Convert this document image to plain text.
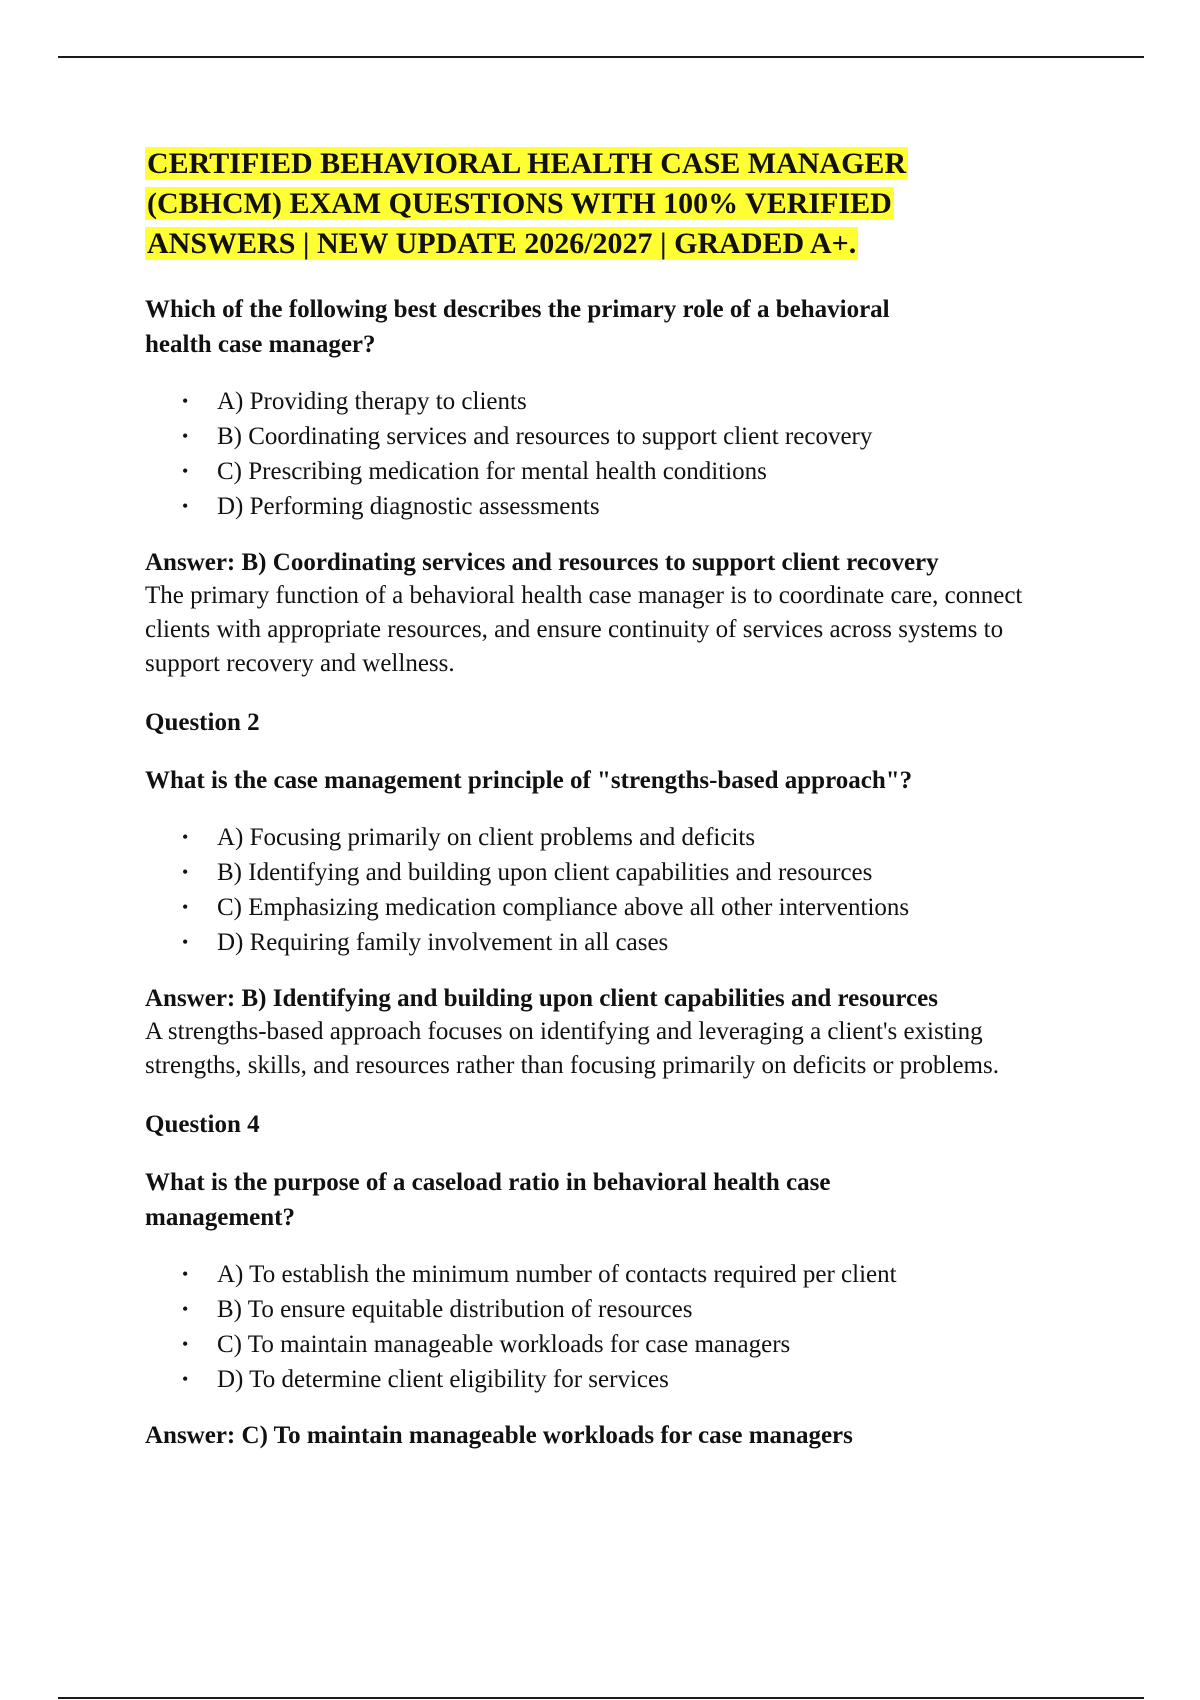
CERTIFIED BEHAVIORAL HEALTH CASE MANAGER
(CBHCM) EXAM QUESTIONS WITH 100% VERIFIED
ANSWERS | NEW UPDATE 2026/2027 | GRADED A+.
Which of the following best describes the primary role of a behavioral health case manager?
• A) Providing therapy to clients
• B) Coordinating services and resources to support client recovery
• C) Prescribing medication for mental health conditions
• D) Performing diagnostic assessments
Answer: B) Coordinating services and resources to support client recovery
The primary function of a behavioral health case manager is to coordinate care, connect clients with appropriate resources, and ensure continuity of services across systems to support recovery and wellness.
Question 2
What is the case management principle of "strengths-based approach"?
• A) Focusing primarily on client problems and deficits
• B) Identifying and building upon client capabilities and resources
• C) Emphasizing medication compliance above all other interventions
• D) Requiring family involvement in all cases
Answer: B) Identifying and building upon client capabilities and resources
A strengths-based approach focuses on identifying and leveraging a client's existing strengths, skills, and resources rather than focusing primarily on deficits or problems.
Question 4
What is the purpose of a caseload ratio in behavioral health case management?
• A) To establish the minimum number of contacts required per client
• B) To ensure equitable distribution of resources
• C) To maintain manageable workloads for case managers
• D) To determine client eligibility for services
Answer: C) To maintain manageable workloads for case managers
